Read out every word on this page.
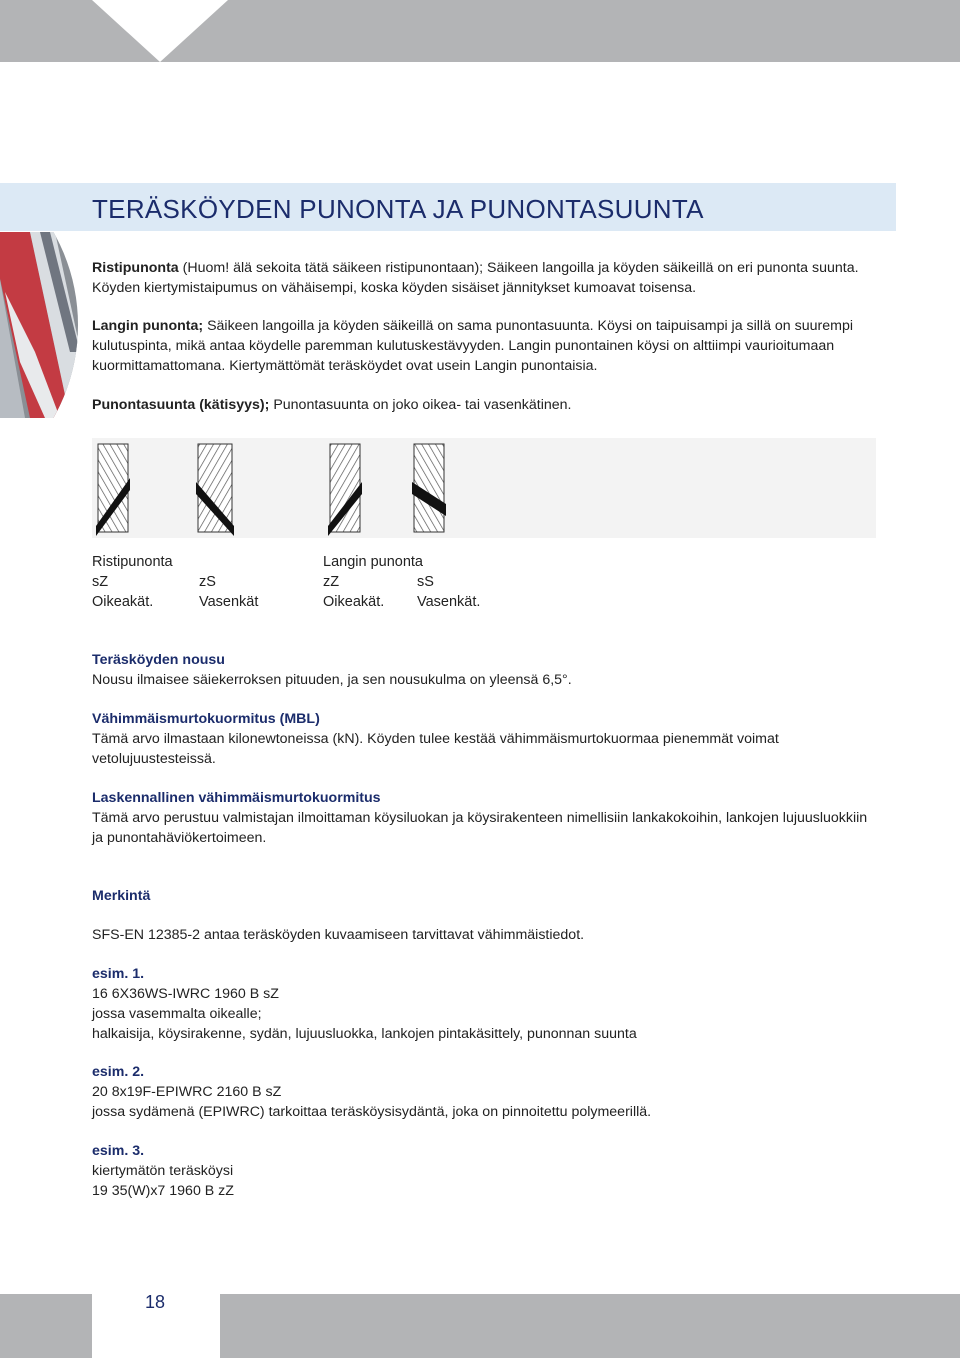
TERÄSKÖYDEN PUNONTA JA PUNONTASUUNTA
Ristipunonta (Huom! älä sekoita tätä säikeen ristipunontaan); Säikeen langoilla ja köyden säikeillä on eri punonta suunta. Köyden kiertymistaipumus on vähäisempi, koska köyden sisäiset jännitykset kumoavat toisensa.
Langin punonta; Säikeen langoilla ja köyden säikeillä on sama punontasuunta. Köysi on taipuisampi ja sillä on suurempi kulutuspinta, mikä antaa köydelle paremman kulutuskestävyyden. Langin punontainen köysi on alttiimpi vaurioitumaan kuormittamattomana. Kiertymättömät teräsköydet ovat usein Langin punontaisia.
Punontasuunta (kätisyys); Punontasuunta on joko oikea- tai vasenkätinen.
Ristipunonta	Langin punonta
sZ	zS	zZ	sS
Oikeakät.	Vasenkät	Oikeakät. Vasenkät.
Teräsköyden nousu
Nousu ilmaisee säiekerroksen pituuden, ja sen nousukulma on yleensä 6,5°.
Vähimmäismurtokuormitus (MBL)
Tämä arvo ilmastaan kilonewtoneissa (kN). Köyden tulee kestää vähimmäismurtokuormaa pienemmät voimat vetolujuustesteissä.
Laskennallinen vähimmäismurtokuormitus
Tämä arvo perustuu valmistajan ilmoittaman köysiluokan ja köysirakenteen nimellisiin lankakokoihin, lankojen lujuusluokkiin ja punontahäviökertoimeen.
Merkintä
SFS-EN 12385-2 antaa teräsköyden kuvaamiseen tarvittavat vähimmäistiedot.
esim. 1.
16 6X36WS-IWRC 1960 B sZ
jossa vasemmalta oikealle;
halkaisija, köysirakenne, sydän, lujuusluokka, lankojen pintakäsittely, punonnan suunta
esim. 2.
20 8x19F-EPIWRC 2160 B sZ
jossa sydämenä (EPIWRC) tarkoittaa teräsköysisydäntä, joka on pinnoitettu polymeerillä.
esim. 3.
kiertymätön teräsköysi
19 35(W)x7 1960 B zZ
18
